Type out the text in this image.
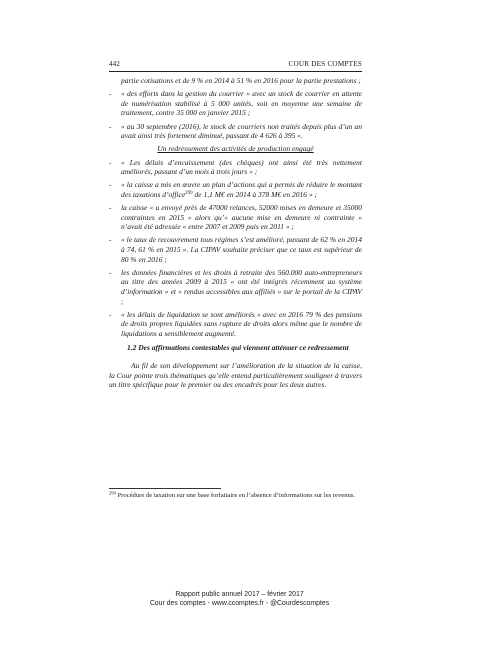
442	COUR DES COMPTES
partie cotisations et de 9 % en 2014 à 51 % en 2016 pour la partie prestations ;
- « des efforts dans la gestion du courrier » avec un stock de courrier en attente de numérisation stabilisé à 5 000 unités, soit en moyenne une semaine de traitement, contre 35 000 en janvier 2015 ;
- « au 30 septembre (2016), le stock de courriers non traités depuis plus d’un an avait ainsi très fortement diminué, passant de 4 626 à 395 ».
Un redressement des activités de production engagé
- « Les délais d’encaissement (des chèques) ont ainsi été très nettement améliorés, passant d’un mois à trois jours » ;
- « la caisse a mis en œuvre un plan d’actions qui a permis de réduire le montant des taxations d’office$^{299}$ de 1,1 M€ en 2014 à 378 M€ en 2016 » ;
- la caisse « a envoyé près de 47000 relances, 52000 mises en demeure et 35000 contraintes en 2015 » alors qu’« aucune mise en demeure ni contrainte » n’avait été adressée « entre 2007 et 2009 puis en 2011 » ;
- « le taux de recouvrement tous régimes s’est amélioré, passant de 62 % en 2014 à 74, 61 % en 2015 ». La CIPAV souhaite préciser que ce taux est supérieur de 80 % en 2016 ;
- les données financières et les droits à retraite des 560.000 auto-entrepreneurs au titre des années 2009 à 2015 « ont été intégrés récemment au système d’information » et « rendus accessibles aux affiliés » sur le portail de la CIPAV ;
- « les délais de liquidation se sont améliorés » avec en 2016 79 % des pensions de droits propres liquidées sans rupture de droits alors même que le nombre de liquidations a sensiblement augmenté.
1.2 Des affirmations contestables qui viennent atténuer ce redressement
Au fil de son développement sur l’amélioration de la situation de la caisse, la Cour pointe trois thématiques qu’elle entend particulièrement souligner à travers un titre spécifique pour le premier ou des encadrés pour les deux autres.
$^{299}$ Procédure de taxation sur une base forfaitaire en l’absence d’informations sur les revenus.
Rapport public annuel 2017 – février 2017
Cour des comptes - www.ccomptes.fr - @Courdescomptes
